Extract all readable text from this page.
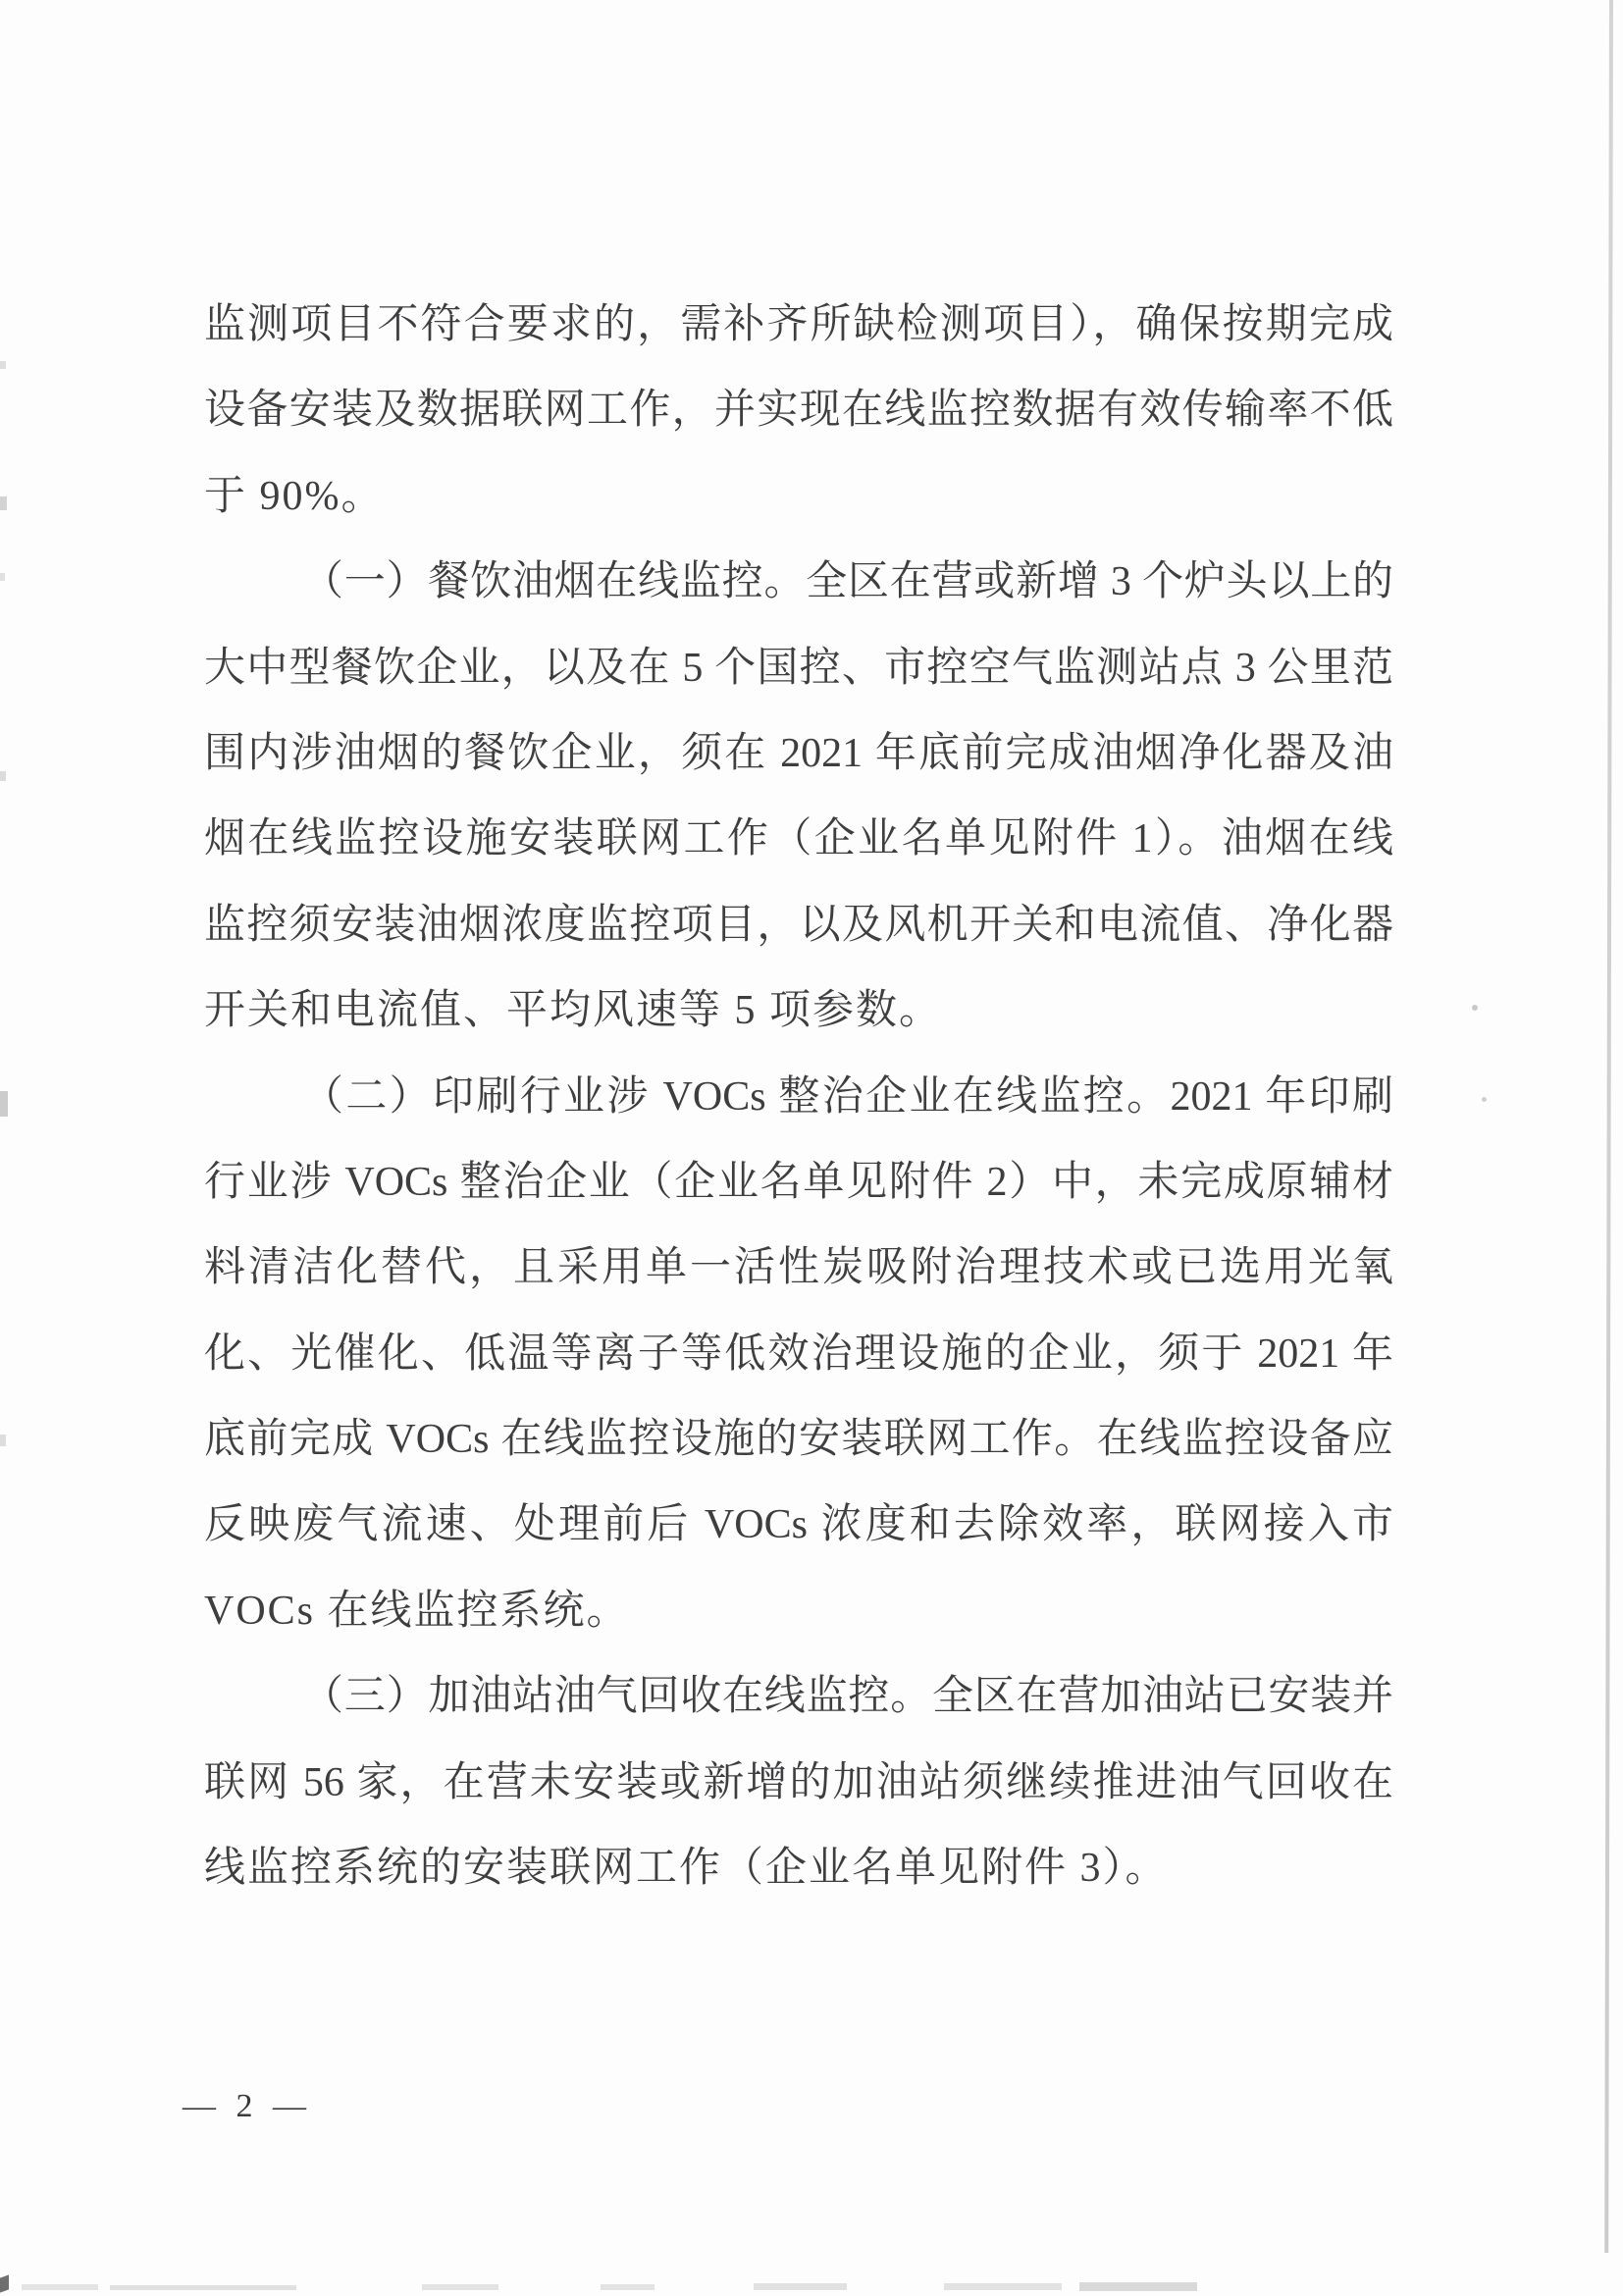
监测项目不符合要求的，需补齐所缺检测项目），确保按期完成
设备安装及数据联网工作，并实现在线监控数据有效传输率不低
于 90%。
（一）餐饮油烟在线监控。全区在营或新增 3 个炉头以上的
大中型餐饮企业，以及在 5 个国控、市控空气监测站点 3 公里范
围内涉油烟的餐饮企业，须在 2021 年底前完成油烟净化器及油
烟在线监控设施安装联网工作（企业名单见附件 1）。油烟在线
监控须安装油烟浓度监控项目，以及风机开关和电流值、净化器
开关和电流值、平均风速等 5 项参数。
（二）印刷行业涉 VOCs 整治企业在线监控。2021 年印刷
行业涉 VOCs 整治企业（企业名单见附件 2）中，未完成原辅材
料清洁化替代，且采用单一活性炭吸附治理技术或已选用光氧
化、光催化、低温等离子等低效治理设施的企业，须于 2021 年
底前完成 VOCs 在线监控设施的安装联网工作。在线监控设备应
反映废气流速、处理前后 VOCs 浓度和去除效率，联网接入市
VOCs 在线监控系统。
（三）加油站油气回收在线监控。全区在营加油站已安装并
联网 56 家，在营未安装或新增的加油站须继续推进油气回收在
线监控系统的安装联网工作（企业名单见附件 3）。
— 2 —
